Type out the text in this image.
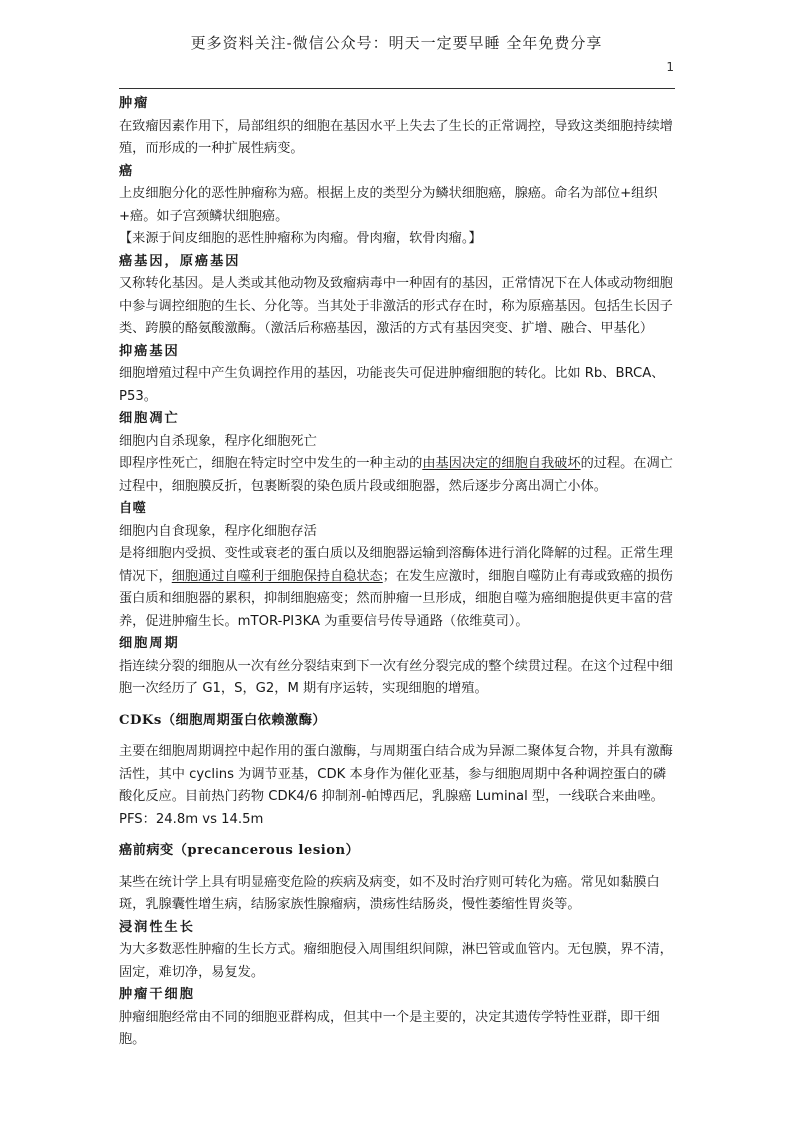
更多资料关注-微信公众号：明天一定要早睡 全年免费分享
1

肿瘤

在致瘤因素作用下，局部组织的细胞在基因水平上失去了生长的正常调控，导致这类细胞持续增殖，而形成的一种扩展性病变。

癌

上皮细胞分化的恶性肿瘤称为癌。根据上皮的类型分为鳞状细胞癌，腺癌。命名为部位+组织+癌。如子宫颈鳞状细胞癌。

【来源于间皮细胞的恶性肿瘤称为肉瘤。骨肉瘤，软骨肉瘤。】

癌基因，原癌基因

又称转化基因。是人类或其他动物及致瘤病毒中一种固有的基因，正常情况下在人体或动物细胞中参与调控细胞的生长、分化等。当其处于非激活的形式存在时，称为原癌基因。包括生长因子类、跨膜的酪氨酸激酶。（激活后称癌基因，激活的方式有基因突变、扩增、融合、甲基化）

抑癌基因

细胞增殖过程中产生负调控作用的基因，功能丧失可促进肿瘤细胞的转化。比如 Rb、BRCA、P53。

细胞凋亡

细胞内自杀现象，程序化细胞死亡

即程序性死亡，细胞在特定时空中发生的一种主动的由基因决定的细胞自我破坏的过程。在凋亡过程中，细胞膜反折，包裹断裂的染色质片段或细胞器，然后逐步分离出凋亡小体。

自噬

细胞内自食现象，程序化细胞存活

是将细胞内受损、变性或衰老的蛋白质以及细胞器运输到溶酶体进行消化降解的过程。正常生理情况下，细胞通过自噬利于细胞保持自稳状态；在发生应激时，细胞自噬防止有毒或致癌的损伤蛋白质和细胞器的累积，抑制细胞癌变；然而肿瘤一旦形成，细胞自噬为癌细胞提供更丰富的营养，促进肿瘤生长。mTOR-PI3KA 为重要信号传导通路（依维莫司）。

细胞周期

指连续分裂的细胞从一次有丝分裂结束到下一次有丝分裂完成的整个续贯过程。在这个过程中细胞一次经历了 G1，S，G2，M 期有序运转，实现细胞的增殖。

CDKs（细胞周期蛋白依赖激酶）

主要在细胞周期调控中起作用的蛋白激酶，与周期蛋白结合成为异源二聚体复合物，并具有激酶活性，其中 cyclins 为调节亚基，CDK 本身作为催化亚基，参与细胞周期中各种调控蛋白的磷酸化反应。目前热门药物 CDK4/6 抑制剂-帕博西尼，乳腺癌 Luminal 型，一线联合来曲唑。PFS：24.8m vs 14.5m

癌前病变（precancerous lesion）

某些在统计学上具有明显癌变危险的疾病及病变，如不及时治疗则可转化为癌。常见如黏膜白斑，乳腺囊性增生病，结肠家族性腺瘤病，溃疡性结肠炎，慢性萎缩性胃炎等。

浸润性生长

为大多数恶性肿瘤的生长方式。瘤细胞侵入周围组织间隙，淋巴管或血管内。无包膜，界不清，固定，难切净，易复发。

肿瘤干细胞

肿瘤细胞经常由不同的细胞亚群构成，但其中一个是主要的，决定其遗传学特性亚群，即干细胞。
